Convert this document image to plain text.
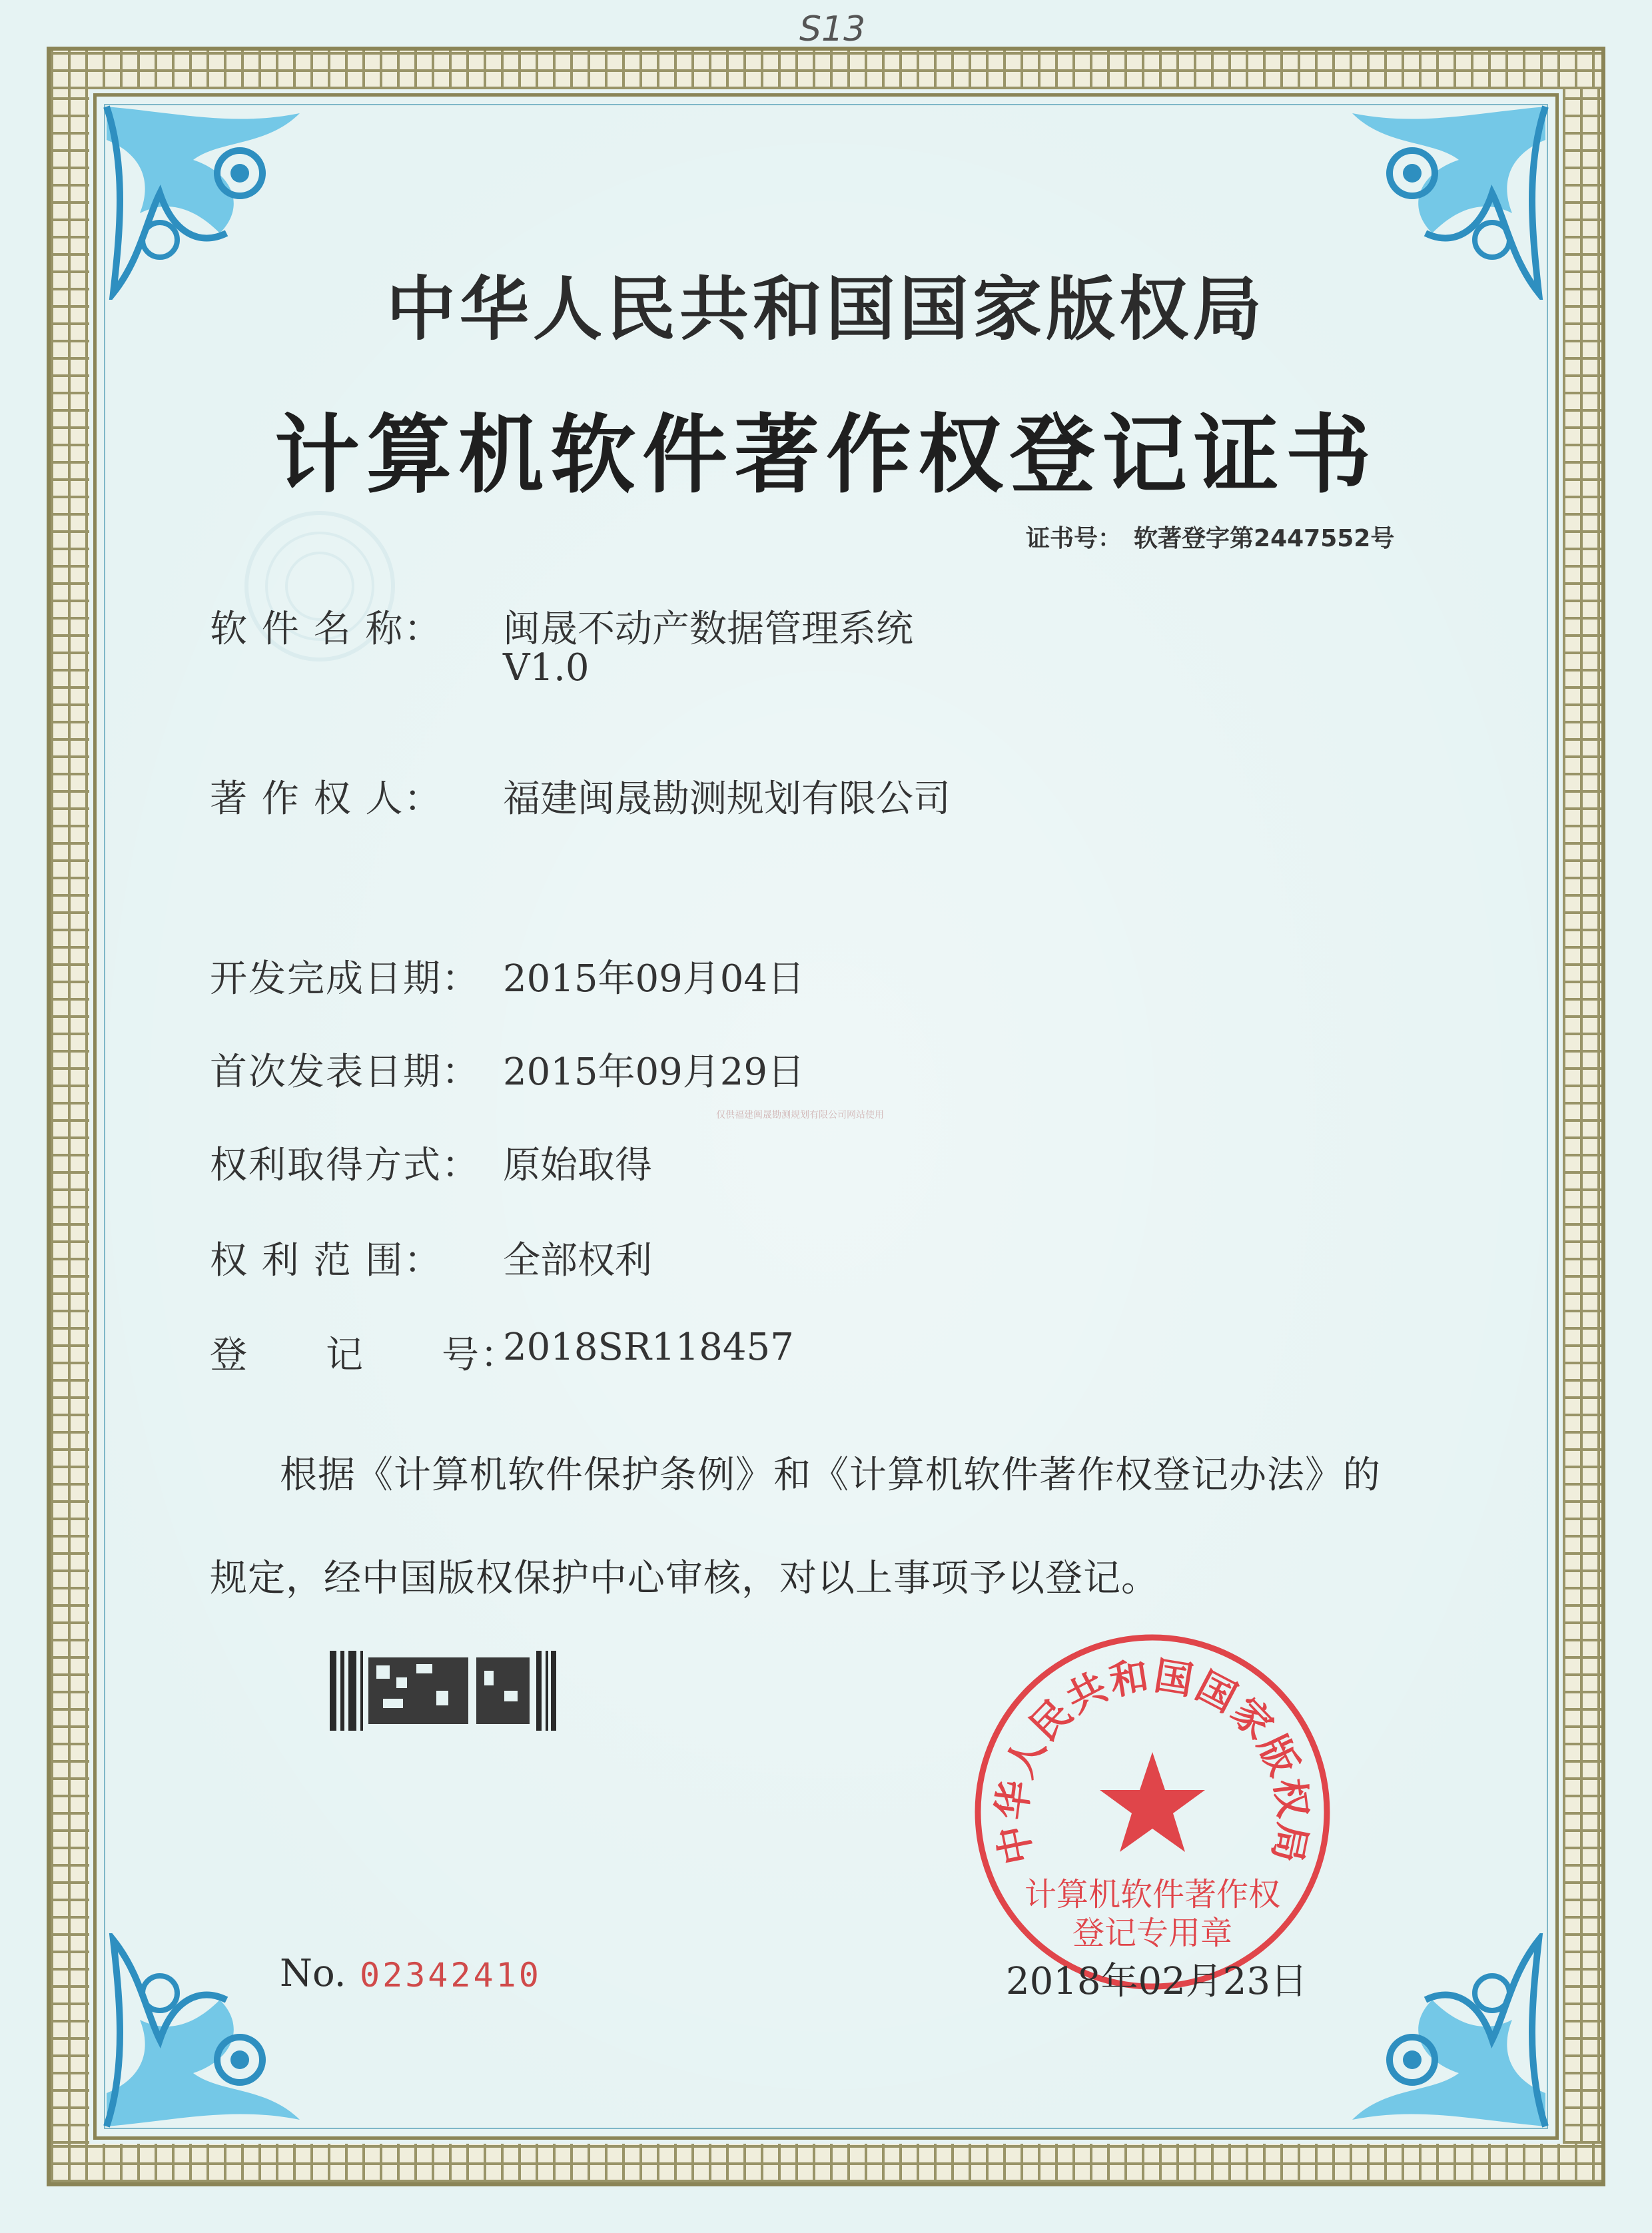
S13
中华人民共和国国家版权局
计算机软件著作权登记证书
证书号： 软著登字第2447552号
软 件 名 称： 闽晟不动产数据管理系统
V1.0
著 作 权 人： 福建闽晟勘测规划有限公司
开发完成日期： 2015年09月04日
首次发表日期： 2015年09月29日
仅供福建闽晟勘测规划有限公司网站使用
权利取得方式： 原始取得
权 利 范 围： 全部权利
登　　记　　号：2018SR118457
根据《计算机软件保护条例》和《计算机软件著作权登记办法》的
规定，经中国版权保护中心审核，对以上事项予以登记。
中华人民共和国国家版权局
计算机软件著作权
登记专用章
No. 02342410	2018年02月23日
